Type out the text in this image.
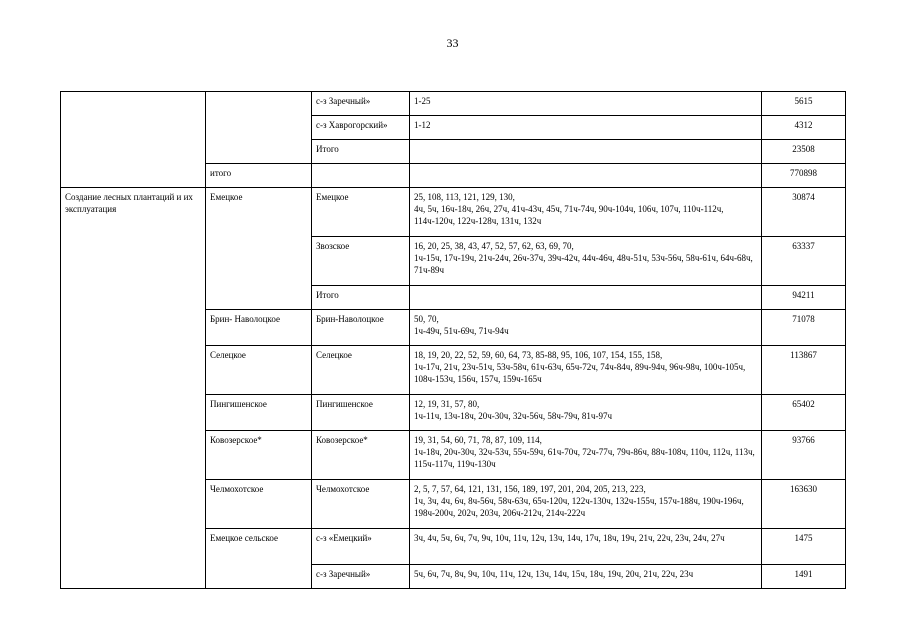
33
		с-з Заречный»	1-25	5615
		с-з Хаврогорский»	1-12	4312
		Итого		23508
	итого			770898
Создание лесных плантаций и их эксплуатация	Емецкое	Емецкое	25, 108, 113, 121, 129, 130,
4ч, 5ч, 16ч-18ч, 26ч, 27ч, 41ч-43ч, 45ч, 71ч-74ч, 90ч-104ч, 106ч, 107ч, 110ч-112ч, 114ч-120ч, 122ч-128ч, 131ч, 132ч	30874
		Звозское	16, 20, 25, 38, 43, 47, 52, 57, 62, 63, 69, 70,
1ч-15ч, 17ч-19ч, 21ч-24ч, 26ч-37ч, 39ч-42ч, 44ч-46ч, 48ч-51ч, 53ч-56ч, 58ч-61ч, 64ч-68ч, 71ч-89ч	63337
		Итого		94211
	Брин- Наволоцкое	Брин-Наволоцкое	50, 70,
1ч-49ч, 51ч-69ч, 71ч-94ч	71078
	Селецкое	Селецкое	18, 19, 20, 22, 52, 59, 60, 64, 73, 85-88, 95, 106, 107, 154, 155, 158,
1ч-17ч, 21ч, 23ч-51ч, 53ч-58ч, 61ч-63ч, 65ч-72ч, 74ч-84ч, 89ч-94ч, 96ч-98ч, 100ч-105ч, 108ч-153ч, 156ч, 157ч, 159ч-165ч	113867
	Пингишенское	Пингишенское	12, 19, 31, 57, 80,
1ч-11ч, 13ч-18ч, 20ч-30ч, 32ч-56ч, 58ч-79ч, 81ч-97ч	65402
	Ковозерское*	Ковозерское*	19, 31, 54, 60, 71, 78, 87, 109, 114,
1ч-18ч, 20ч-30ч, 32ч-53ч, 55ч-59ч, 61ч-70ч, 72ч-77ч, 79ч-86ч, 88ч-108ч, 110ч, 112ч, 113ч, 115ч-117ч, 119ч-130ч	93766
	Челмохотское	Челмохотское	2, 5, 7, 57, 64, 121, 131, 156, 189, 197, 201, 204, 205, 213, 223,
1ч, 3ч, 4ч, 6ч, 8ч-56ч, 58ч-63ч, 65ч-120ч, 122ч-130ч, 132ч-155ч, 157ч-188ч, 190ч-196ч, 198ч-200ч, 202ч, 203ч, 206ч-212ч, 214ч-222ч	163630
	Емецкое сельское	с-з «Емецкий»	3ч, 4ч, 5ч, 6ч, 7ч, 9ч, 10ч, 11ч, 12ч, 13ч, 14ч, 17ч, 18ч, 19ч, 21ч, 22ч, 23ч, 24ч, 27ч	1475
		с-з Заречный»	5ч, 6ч, 7ч, 8ч, 9ч, 10ч, 11ч, 12ч, 13ч, 14ч, 15ч, 18ч, 19ч, 20ч, 21ч, 22ч, 23ч	1491
